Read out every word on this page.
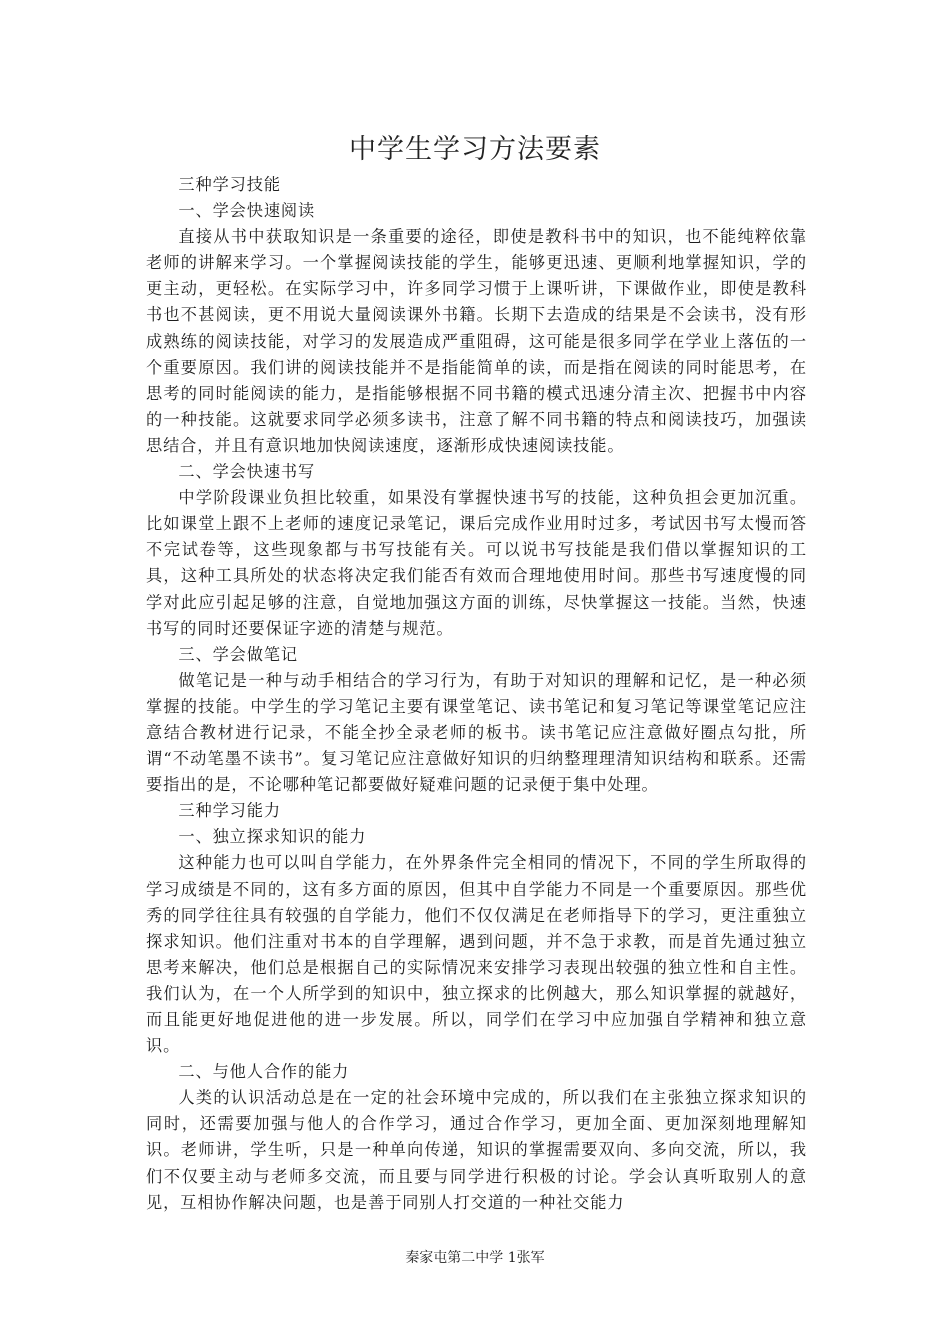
中学生学习方法要素

三种学习技能

一、学会快速阅读

直接从书中获取知识是一条重要的途径，即使是教科书中的知识，也不能纯粹依靠老师的讲解来学习。一个掌握阅读技能的学生，能够更迅速、更顺利地掌握知识，学的更主动，更轻松。在实际学习中，许多同学习惯于上课听讲，下课做作业，即使是教科书也不甚阅读，更不用说大量阅读课外书籍。长期下去造成的结果是不会读书，没有形成熟练的阅读技能，对学习的发展造成严重阻碍，这可能是很多同学在学业上落伍的一个重要原因。我们讲的阅读技能并不是指能简单的读，而是指在阅读的同时能思考，在思考的同时能阅读的能力，是指能够根据不同书籍的模式迅速分清主次、把握书中内容的一种技能。这就要求同学必须多读书，注意了解不同书籍的特点和阅读技巧，加强读思结合，并且有意识地加快阅读速度，逐渐形成快速阅读技能。

二、学会快速书写

中学阶段课业负担比较重，如果没有掌握快速书写的技能，这种负担会更加沉重。比如课堂上跟不上老师的速度记录笔记，课后完成作业用时过多，考试因书写太慢而答不完试卷等，这些现象都与书写技能有关。可以说书写技能是我们借以掌握知识的工具，这种工具所处的状态将决定我们能否有效而合理地使用时间。那些书写速度慢的同学对此应引起足够的注意，自觉地加强这方面的训练，尽快掌握这一技能。当然，快速书写的同时还要保证字迹的清楚与规范。

三、学会做笔记

做笔记是一种与动手相结合的学习行为，有助于对知识的理解和记忆，是一种必须掌握的技能。中学生的学习笔记主要有课堂笔记、读书笔记和复习笔记等课堂笔记应注意结合教材进行记录，不能全抄全录老师的板书。读书笔记应注意做好圈点勾批，所谓“不动笔墨不读书”。复习笔记应注意做好知识的归纳整理理清知识结构和联系。还需要指出的是，不论哪种笔记都要做好疑难问题的记录便于集中处理。

三种学习能力

一、独立探求知识的能力

这种能力也可以叫自学能力，在外界条件完全相同的情况下，不同的学生所取得的学习成绩是不同的，这有多方面的原因，但其中自学能力不同是一个重要原因。那些优秀的同学往往具有较强的自学能力，他们不仅仅满足在老师指导下的学习，更注重独立探求知识。他们注重对书本的自学理解，遇到问题，并不急于求教，而是首先通过独立思考来解决，他们总是根据自己的实际情况来安排学习表现出较强的独立性和自主性。我们认为，在一个人所学到的知识中，独立探求的比例越大，那么知识掌握的就越好，而且能更好地促进他的进一步发展。所以，同学们在学习中应加强自学精神和独立意识。

二、与他人合作的能力

人类的认识活动总是在一定的社会环境中完成的，所以我们在主张独立探求知识的同时，还需要加强与他人的合作学习，通过合作学习，更加全面、更加深刻地理解知识。老师讲，学生听，只是一种单向传递，知识的掌握需要双向、多向交流，所以，我们不仅要主动与老师多交流，而且要与同学进行积极的讨论。学会认真听取别人的意见，互相协作解决问题，也是善于同别人打交道的一种社交能力

秦家屯第二中学 1张军
